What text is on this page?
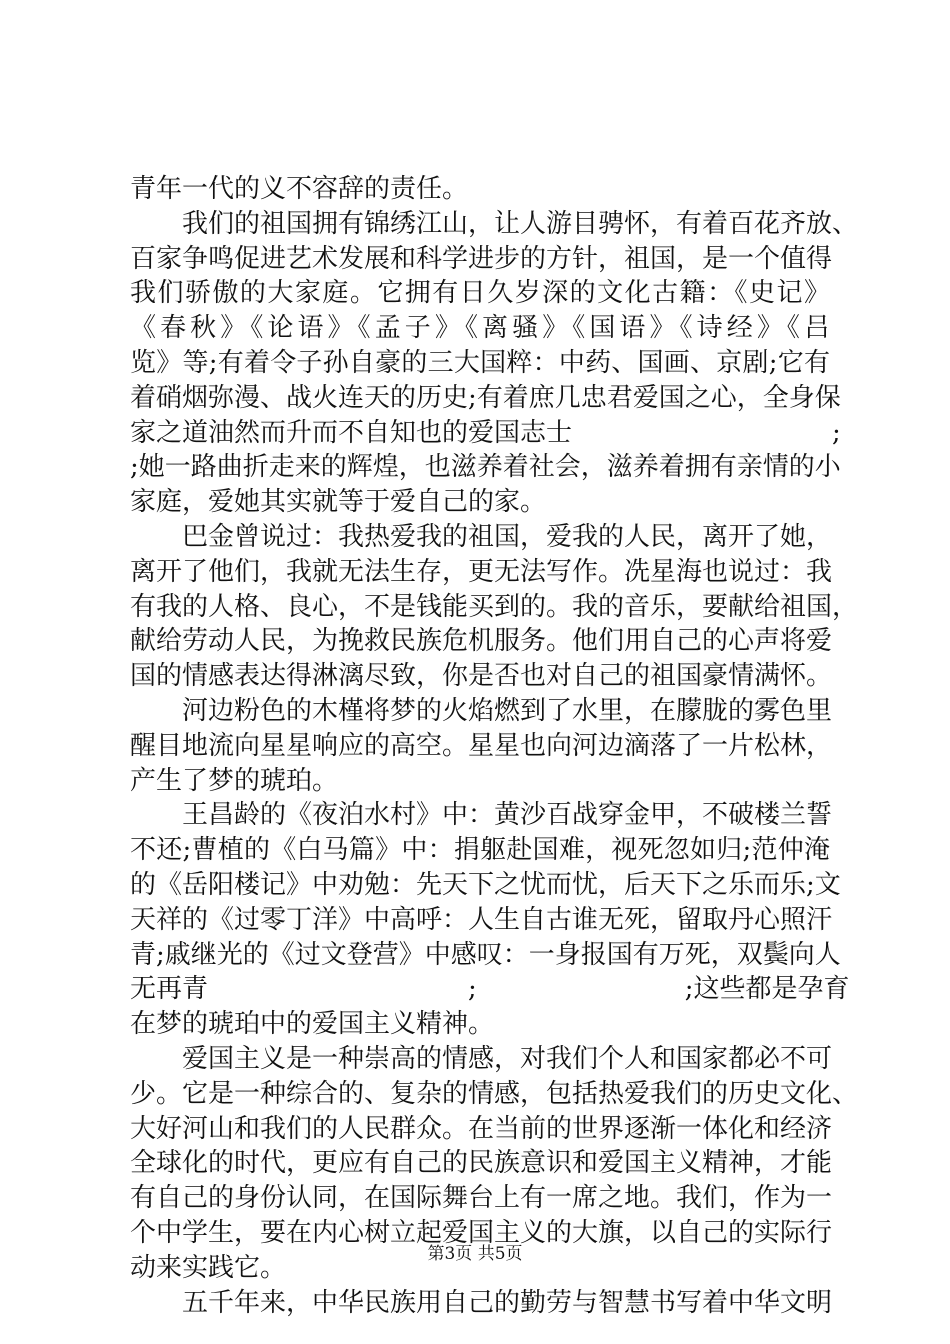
青年一代的义不容辞的责任。
　　我们的祖国拥有锦绣江山，让人游目骋怀，有着百花齐放、
百家争鸣促进艺术发展和科学进步的方针，祖国，是一个值得
我们骄傲的大家庭。它拥有日久岁深的文化古籍：《史记》
《春秋》《论语》《孟子》《离骚》《国语》《诗经》《吕
览》等;有着令子孙自豪的三大国粹：中药、国画、京剧;它有
着硝烟弥漫、战火连天的历史;有着庶几忠君爱国之心，全身保
家之道油然而升而不自知也的爱国志士　　　　　　　　　　;
;她一路曲折走来的辉煌，也滋养着社会，滋养着拥有亲情的小
家庭，爱她其实就等于爱自己的家。
　　巴金曾说过：我热爱我的祖国，爱我的人民，离开了她，
离开了他们，我就无法生存，更无法写作。冼星海也说过：我
有我的人格、良心，不是钱能买到的。我的音乐，要献给祖国，
献给劳动人民，为挽救民族危机服务。他们用自己的心声将爱
国的情感表达得淋漓尽致，你是否也对自己的祖国豪情满怀。
　　河边粉色的木槿将梦的火焰燃到了水里，在朦胧的雾色里
醒目地流向星星响应的高空。星星也向河边滴落了一片松林，
产生了梦的琥珀。
　　王昌龄的《夜泊水村》中：黄沙百战穿金甲，不破楼兰誓
不还;曹植的《白马篇》中：捐躯赴国难，视死忽如归;范仲淹
的《岳阳楼记》中劝勉：先天下之忧而忧，后天下之乐而乐;文
天祥的《过零丁洋》中高呼：人生自古谁无死，留取丹心照汗
青;戚继光的《过文登营》中感叹：一身报国有万死，双鬓向人
无再青　　　　　　　　　　;　　　　　　　　;这些都是孕育
在梦的琥珀中的爱国主义精神。
　　爱国主义是一种崇高的情感，对我们个人和国家都必不可
少。它是一种综合的、复杂的情感，包括热爱我们的历史文化、
大好河山和我们的人民群众。在当前的世界逐渐一体化和经济
全球化的时代，更应有自己的民族意识和爱国主义精神，才能
有自己的身份认同，在国际舞台上有一席之地。我们，作为一
个中学生，要在内心树立起爱国主义的大旗，以自己的实际行
动来实践它。
　　五千年来，中华民族用自己的勤劳与智慧书写着中华文明
第3页 共5页
